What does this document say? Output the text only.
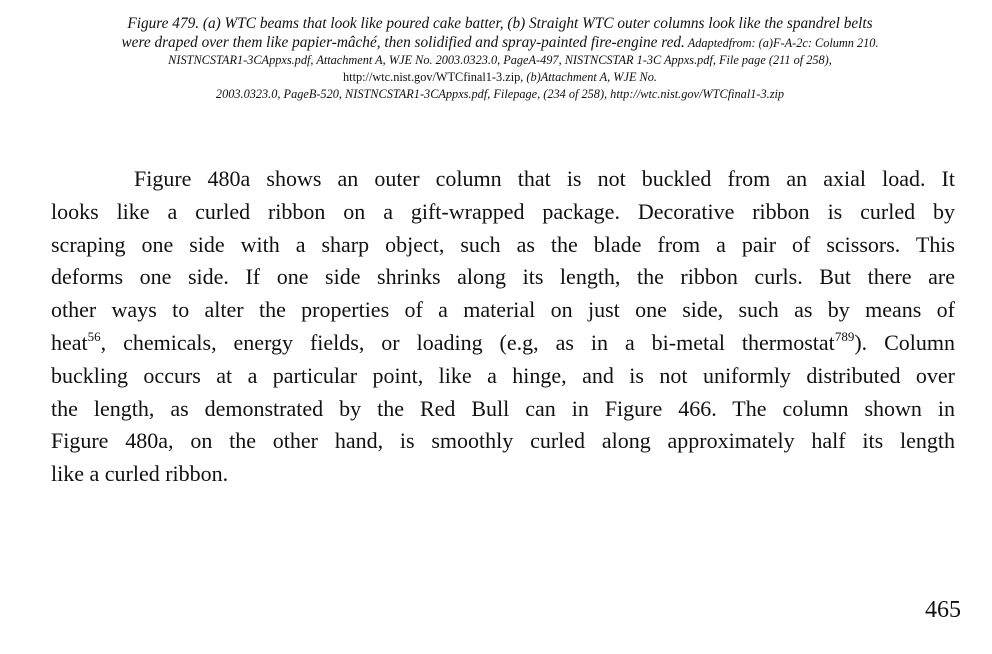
Figure 479. (a) WTC beams that look like poured cake batter, (b) Straight WTC outer columns look like the spandrel belts
were draped over them like papier-mâché, then solidified and spray-painted fire-engine red. Adaptedfrom: (a)F-A-2c: Column 210.
NISTNCSTAR1-3CAppxs.pdf, Attachment A, WJE No. 2003.0323.0, PageA-497, NISTNCSTAR 1-3C Appxs.pdf, File page (211 of 258),
http://wtc.nist.gov/WTCfinal1-3.zip, (b)Attachment A, WJE No.
2003.0323.0, PageB-520, NISTNCSTAR1-3CAppxs.pdf, Filepage, (234 of 258), http://wtc.nist.gov/WTCfinal1-3.zip
Figure 480a shows an outer column that is not buckled from an axial load. It
looks like a curled ribbon on a gift-wrapped package. Decorative ribbon is curled by
scraping one side with a sharp object, such as the blade from a pair of scissors. This
deforms one side. If one side shrinks along its length, the ribbon curls. But there are
other ways to alter the properties of a material on just one side, such as by means of
heat$^{56}$, chemicals, energy fields, or loading (e.g, as in a bi-metal thermostat$^{789}$). Column
buckling occurs at a particular point, like a hinge, and is not uniformly distributed over
the length, as demonstrated by the Red Bull can in Figure 466. The column shown in
Figure 480a, on the other hand, is smoothly curled along approximately half its length
like a curled ribbon.
465
